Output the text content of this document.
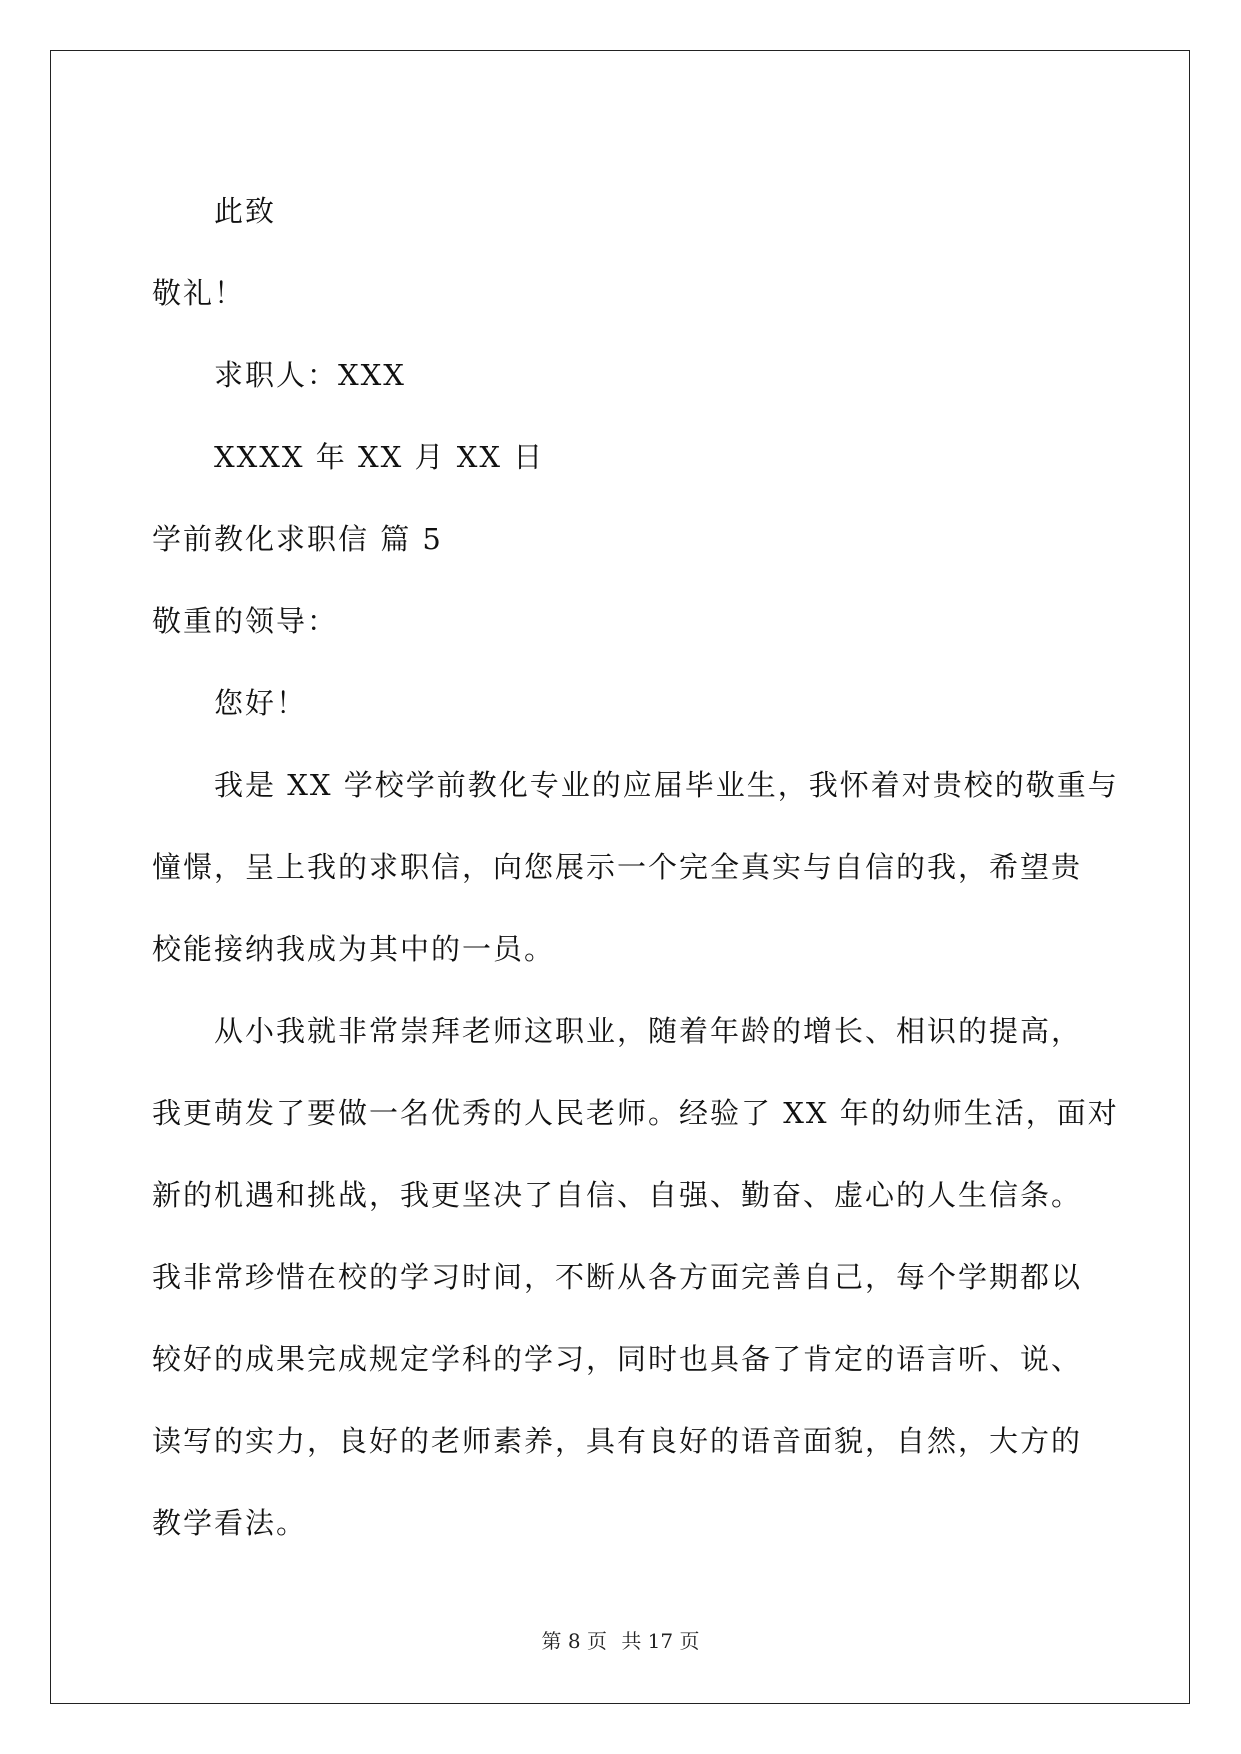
此致
敬礼！
求职人：XXX
XXXX 年 XX 月 XX 日
学前教化求职信 篇 5
敬重的领导：
您好！
我是 XX 学校学前教化专业的应届毕业生，我怀着对贵校的敬重与
憧憬，呈上我的求职信，向您展示一个完全真实与自信的我，希望贵
校能接纳我成为其中的一员。
从小我就非常崇拜老师这职业，随着年龄的增长、相识的提高，
我更萌发了要做一名优秀的人民老师。经验了 XX 年的幼师生活，面对
新的机遇和挑战，我更坚决了自信、自强、勤奋、虚心的人生信条。
我非常珍惜在校的学习时间，不断从各方面完善自己，每个学期都以
较好的成果完成规定学科的学习，同时也具备了肯定的语言听、说、
读写的实力，良好的老师素养，具有良好的语音面貌，自然，大方的
教学看法。
第 8 页 共 17 页
